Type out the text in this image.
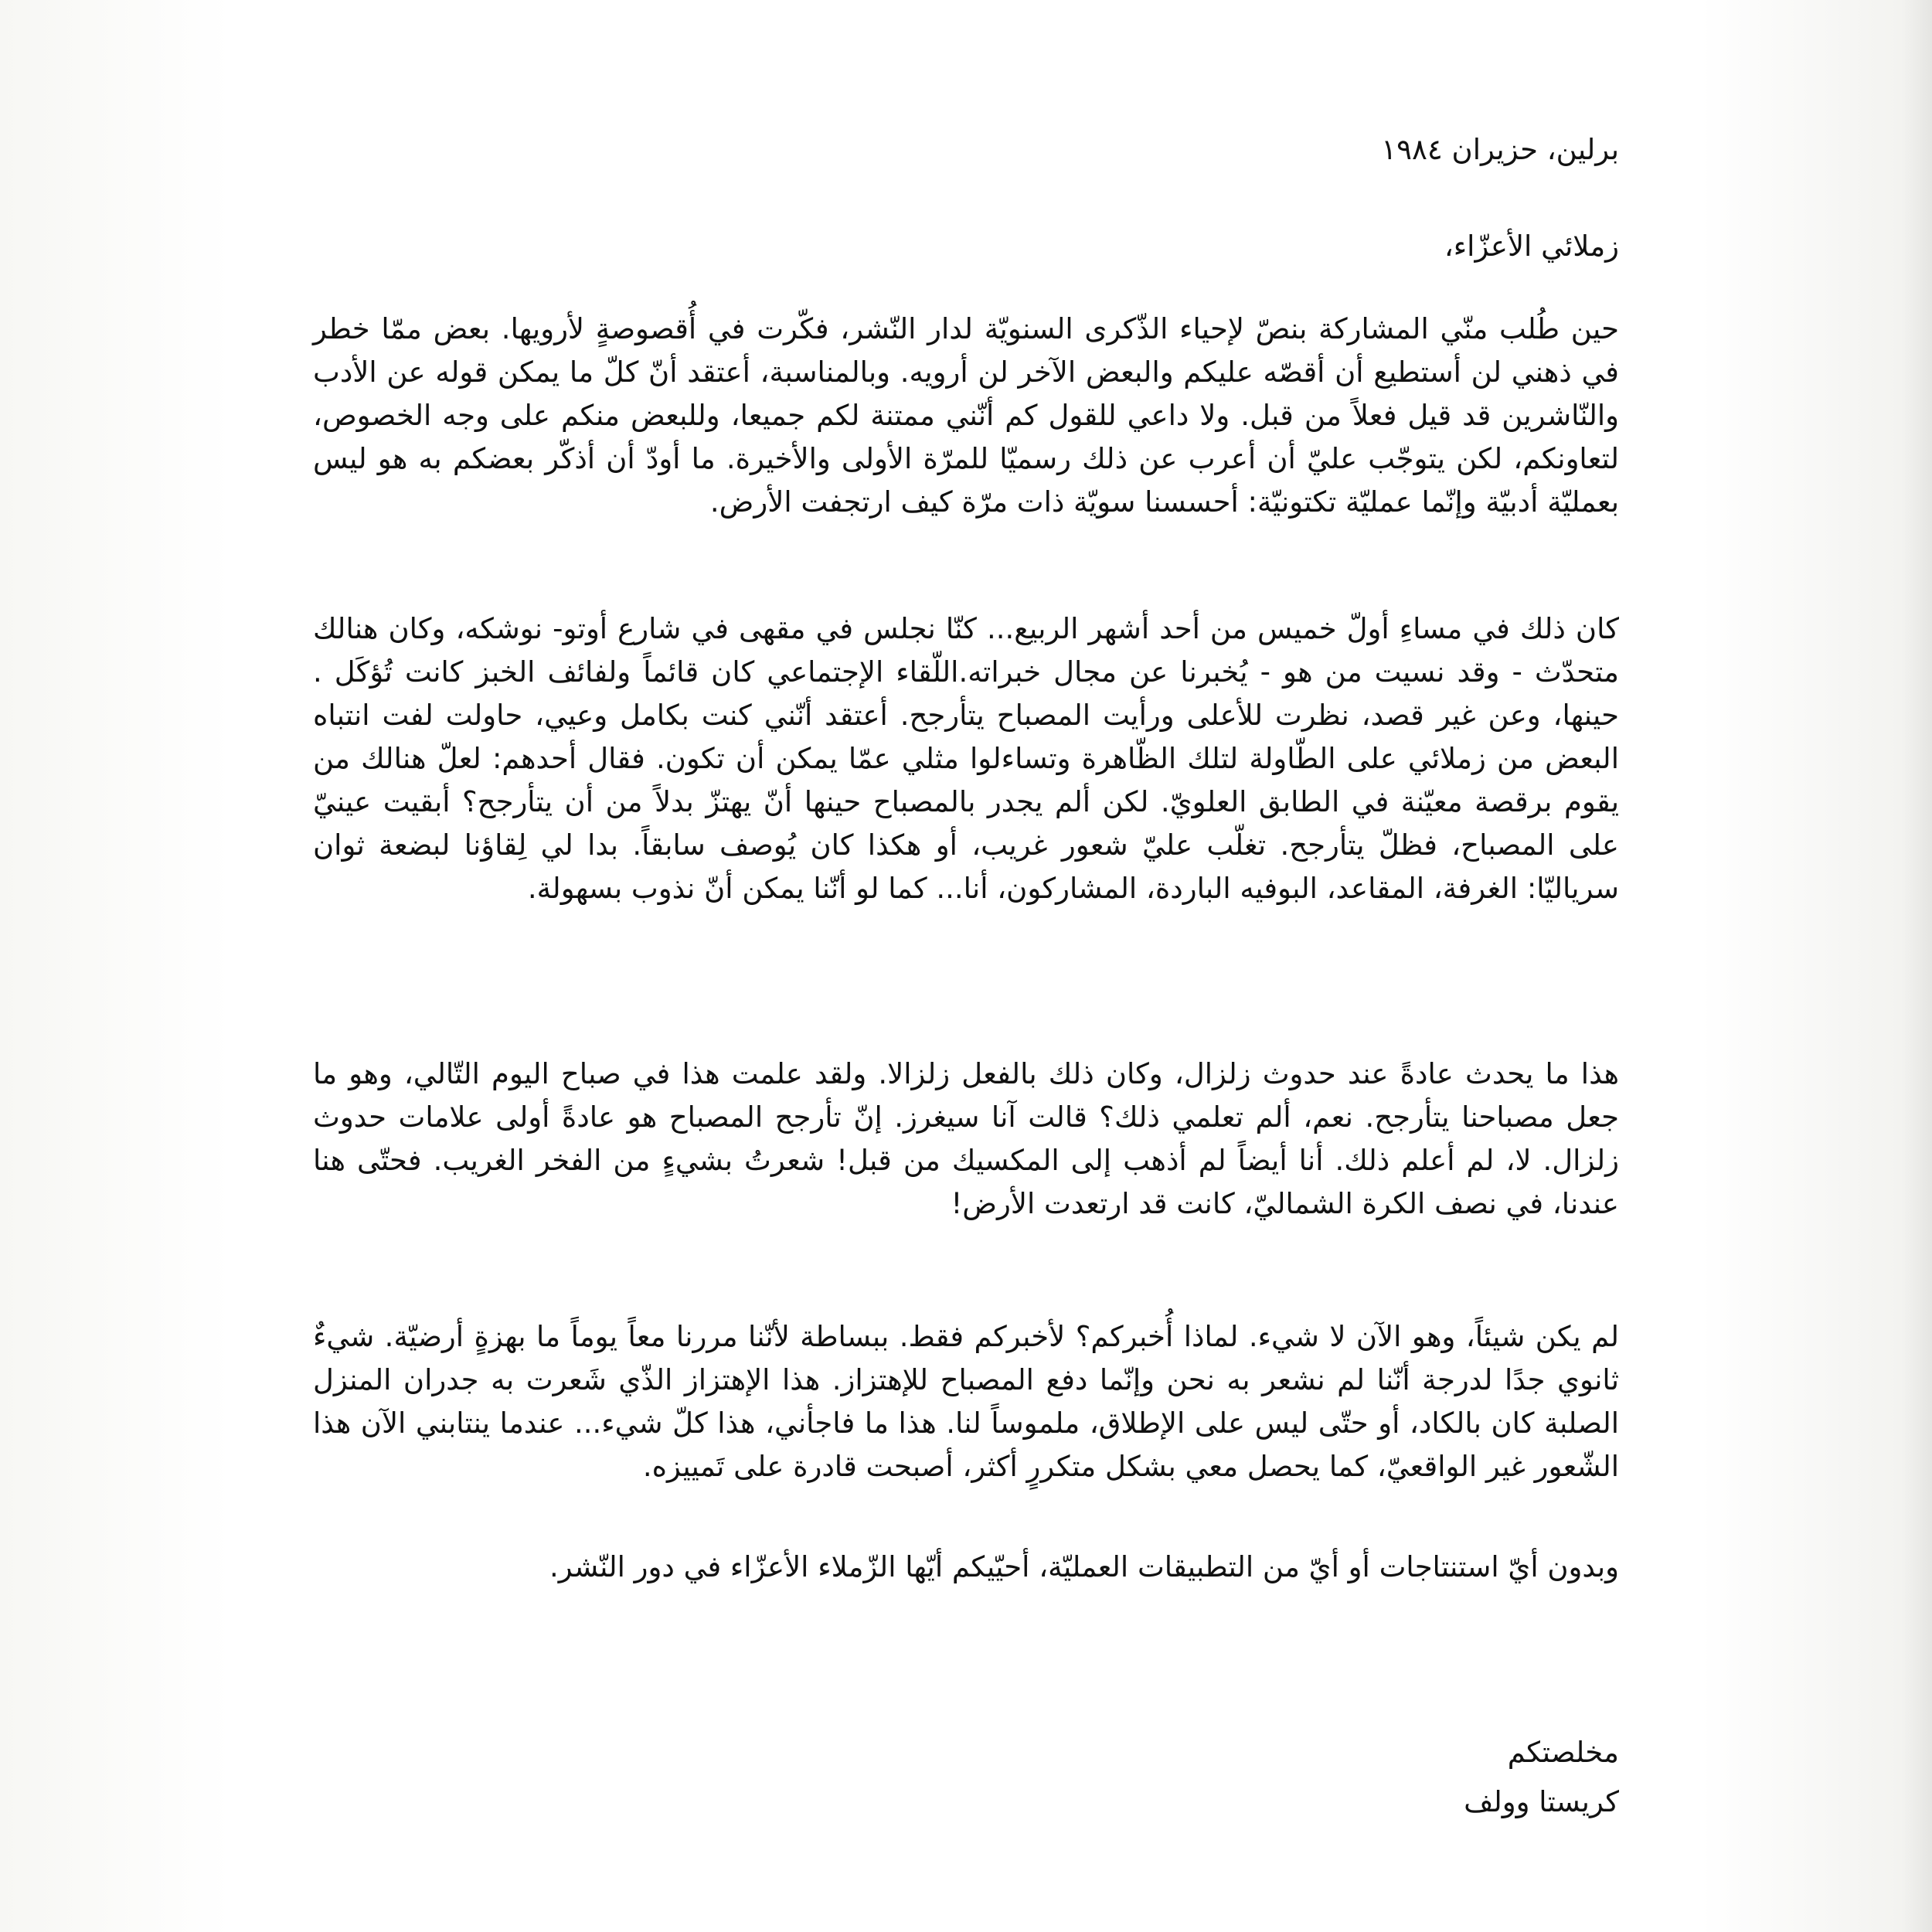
برلين، حزيران ١٩٨٤

زملائي الأعزّاء،

حين طُلب منّي المشاركة بنصّ لإحياء الذّكرى السنويّة لدار النّشر، فكّرت في أُقصوصةٍ لأرويها. بعض ممّا خطر في ذهني لن أستطيع أن أقصّه عليكم والبعض الآخر لن أرويه. وبالمناسبة، أعتقد أنّ كلّ ما يمكن قوله عن الأدب والنّاشرين قد قيل فعلاً من قبل. ولا داعي للقول كم أنّني ممتنة لكم جميعا، وللبعض منكم على وجه الخصوص، لتعاونكم، لكن يتوجّب عليّ أن أعرب عن ذلك رسميّا للمرّة الأولى والأخيرة. ما أودّ أن أذكّر بعضكم به هو ليس بعمليّة أدبيّة وإنّما عمليّة تكتونيّة: أحسسنا سويّة ذات مرّة كيف ارتجفت الأرض.

كان ذلك في مساءِ أولّ خميس من أحد أشهر الربيع... كنّا نجلس في مقهى في شارع أوتو- نوشكه، وكان هنالك متحدّث - وقد نسيت من هو - يُخبرنا عن مجال خبراته.اللّقاء الإجتماعي كان قائماً ولفائف الخبز كانت تُؤكَل . حينها، وعن غير قصد، نظرت للأعلى ورأيت المصباح يتأرجح. أعتقد أنّني كنت بكامل وعيي، حاولت لفت انتباه البعض من زملائي على الطّاولة لتلك الظّاهرة وتساءلوا مثلي عمّا يمكن أن تكون. فقال أحدهم: لعلّ هنالك من يقوم برقصة معيّنة في الطابق العلويّ. لكن ألم يجدر بالمصباح حينها أنّ يهتزّ بدلاً من أن يتأرجح؟ أبقيت عينيّ على المصباح، فظلّ يتأرجح. تغلّب عليّ شعور غريب، أو هكذا كان يُوصف سابقاً. بدا لي لِقاؤنا لبضعة ثوان سرياليّا: الغرفة، المقاعد، البوفيه الباردة، المشاركون، أنا... كما لو أنّنا يمكن أنّ نذوب بسهولة.

هذا ما يحدث عادةً عند حدوث زلزال، وكان ذلك بالفعل زلزالا. ولقد علمت هذا في صباح اليوم التّالي، وهو ما جعل مصباحنا يتأرجح. نعم، ألم تعلمي ذلك؟ قالت آنا سيغرز. إنّ تأرجح المصباح هو عادةً أولى علامات حدوث زلزال. لا، لم أعلم ذلك. أنا أيضاً لم أذهب إلى المكسيك من قبل! شعرتُ بشيءٍ من الفخر الغريب. فحتّى هنا عندنا، في نصف الكرة الشماليّ، كانت قد ارتعدت الأرض!

لم يكن شيئاً، وهو الآن لا شيء. لماذا أُخبركم؟ لأخبركم فقط. ببساطة لأنّنا مررنا معاً يوماً ما بهزةٍ أرضيّة. شيءٌ ثانوي جدًا لدرجة أنّنا لم نشعر به نحن وإنّما دفع المصباح للإهتزاز. هذا الإهتزاز الذّي شَعرت به جدران المنزل الصلبة كان بالكاد، أو حتّى ليس على الإطلاق، ملموساً لنا. هذا ما فاجأني، هذا كلّ شيء... عندما ينتابني الآن هذا الشّعور غير الواقعيّ، كما يحصل معي بشكل متكررٍ أكثر، أصبحت قادرة على تَمييزه.

وبدون أيّ استنتاجات أو أيّ من التطبيقات العمليّة، أحيّيكم أيّها الزّملاء الأعزّاء في دور النّشر.

مخلصتكم

كريستا وولف
